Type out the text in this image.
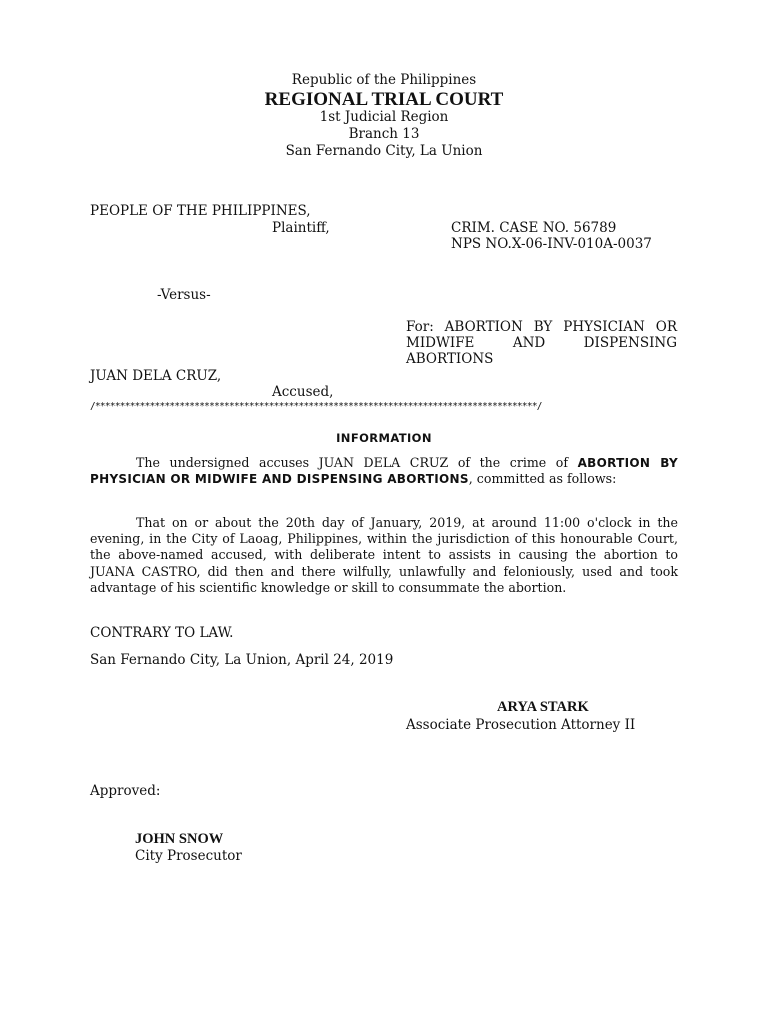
Republic of the Philippines
REGIONAL TRIAL COURT
1st Judicial Region
Branch 13
San Fernando City, La Union
PEOPLE OF THE PHILIPPINES,
Plaintiff,	CRIM. CASE NO. 56789
NPS NO.X-06-INV-010A-0037
-Versus-
For: ABORTION BY PHYSICIAN OR
MIDWIFE AND DISPENSING
ABORTIONS
JUAN DELA CRUZ,
Accused,
/*****************************************************************************************/
INFORMATION

The undersigned accuses JUAN DELA CRUZ of the crime of ABORTION BY PHYSICIAN OR MIDWIFE AND DISPENSING ABORTIONS, committed as follows:

That on or about the 20th day of January, 2019, at around 11:00 o'clock in the evening, in the City of Laoag, Philippines, within the jurisdiction of this honourable Court, the above-named accused, with deliberate intent to assists in causing the abortion to JUANA CASTRO, did then and there wilfully, unlawfully and feloniously, used and took advantage of his scientific knowledge or skill to consummate the abortion.

CONTRARY TO LAW.
San Fernando City, La Union, April 24, 2019
ARYA STARK
Associate Prosecution Attorney II
Approved:
JOHN SNOW
City Prosecutor
